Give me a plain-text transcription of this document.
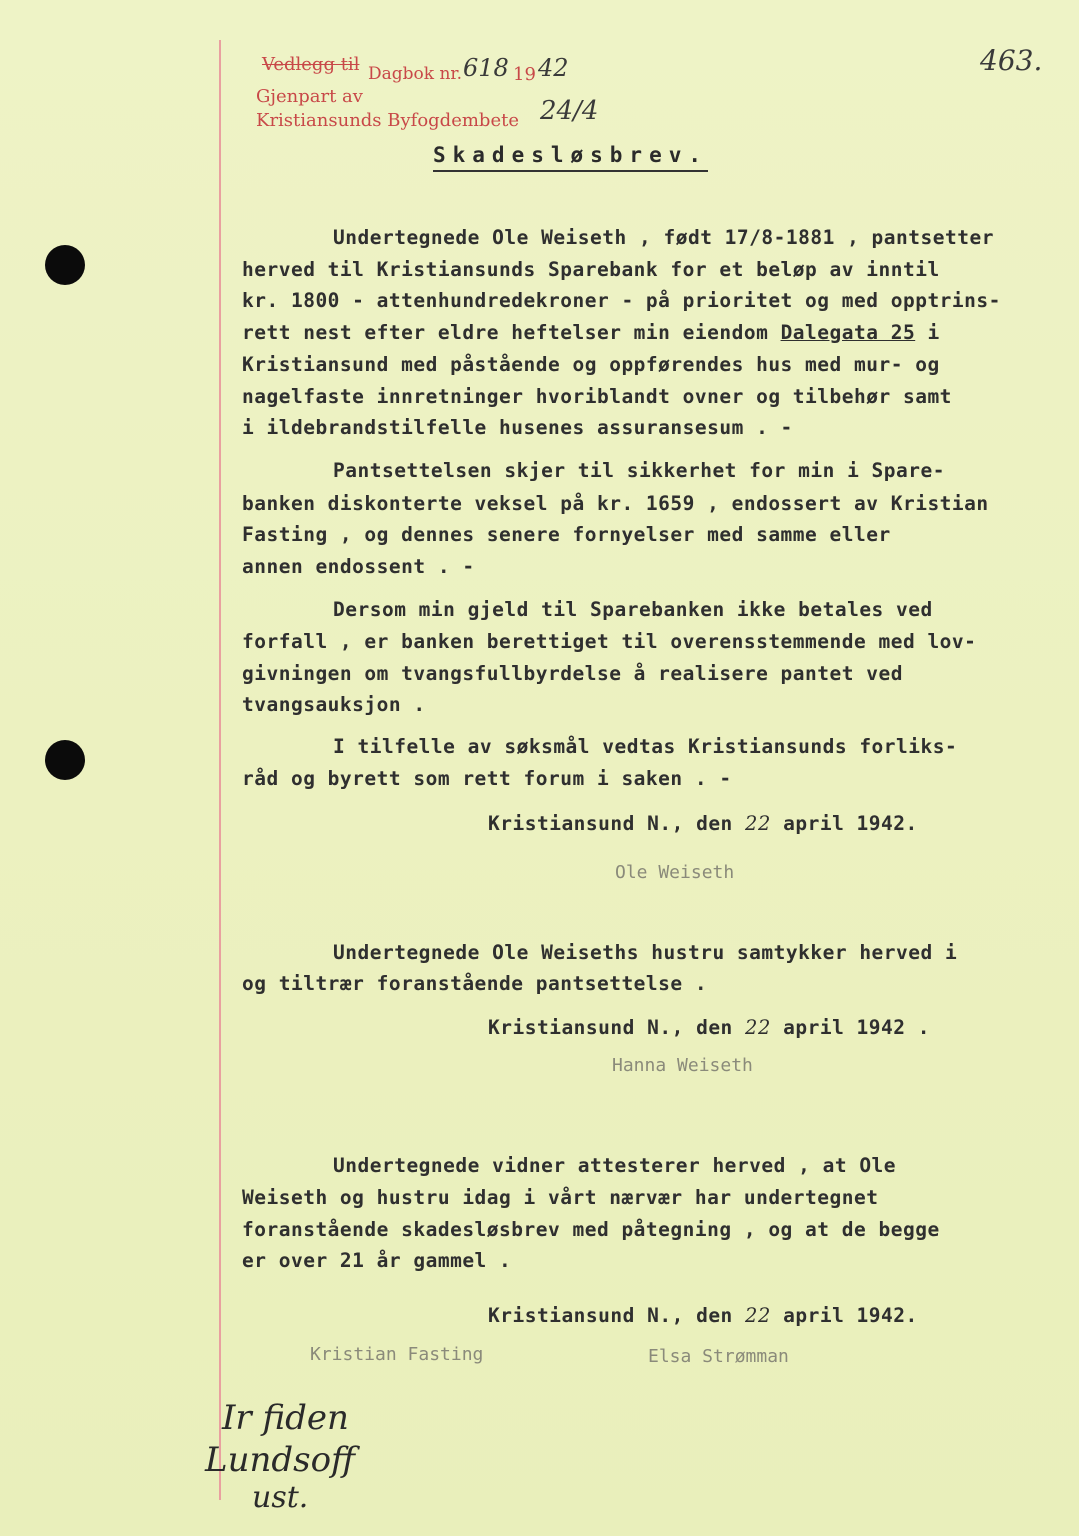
Vedlegg til Dagbok nr. 618 19 42
Gjenpart av
Kristiansunds Byfogdembete 24/4
463.
Skadesløsbrev.
Undertegnede Ole Weiseth , født 17/8-1881 , pantsetter
herved til Kristiansunds Sparebank for et beløp av inntil
kr. 1800 - attenhundredekroner - på prioritet og med opptrins-
rett nest efter eldre heftelser min eiendom Dalegata 25 i
Kristiansund med påstående og oppførendes hus med mur- og
nagelfaste innretninger hvoriblandt ovner og tilbehør samt
i ildebrandstilfelle husenes assuransesum . -
Pantsettelsen skjer til sikkerhet for min i Spare-
banken diskonterte veksel på kr. 1659 , endossert av Kristian
Fasting , og dennes senere fornyelser med samme eller
annen endossent . -
Dersom min gjeld til Sparebanken ikke betales ved
forfall , er banken berettiget til overensstemmende med lov-
givningen om tvangsfullbyrdelse å realisere pantet ved
tvangsauksjon .
I tilfelle av søksmål vedtas Kristiansunds forliks-
råd og byrett som rett forum i saken . -
Kristiansund N., den 22 april 1942.
Ole Weiseth
Undertegnede Ole Weiseths hustru samtykker herved i
og tiltrær foranstående pantsettelse .
Kristiansund N., den 22 april 1942 .
Hanna Weiseth
Undertegnede vidner attesterer herved , at Ole
Weiseth og hustru idag i vårt nærvær har undertegnet
foranstående skadesløsbrev med påtegning , og at de begge
er over 21 år gammel .
Kristiansund N., den 22 april 1942.
Kristian Fasting	Elsa Strømman
Ir fiden
Lundsoff
ust.
